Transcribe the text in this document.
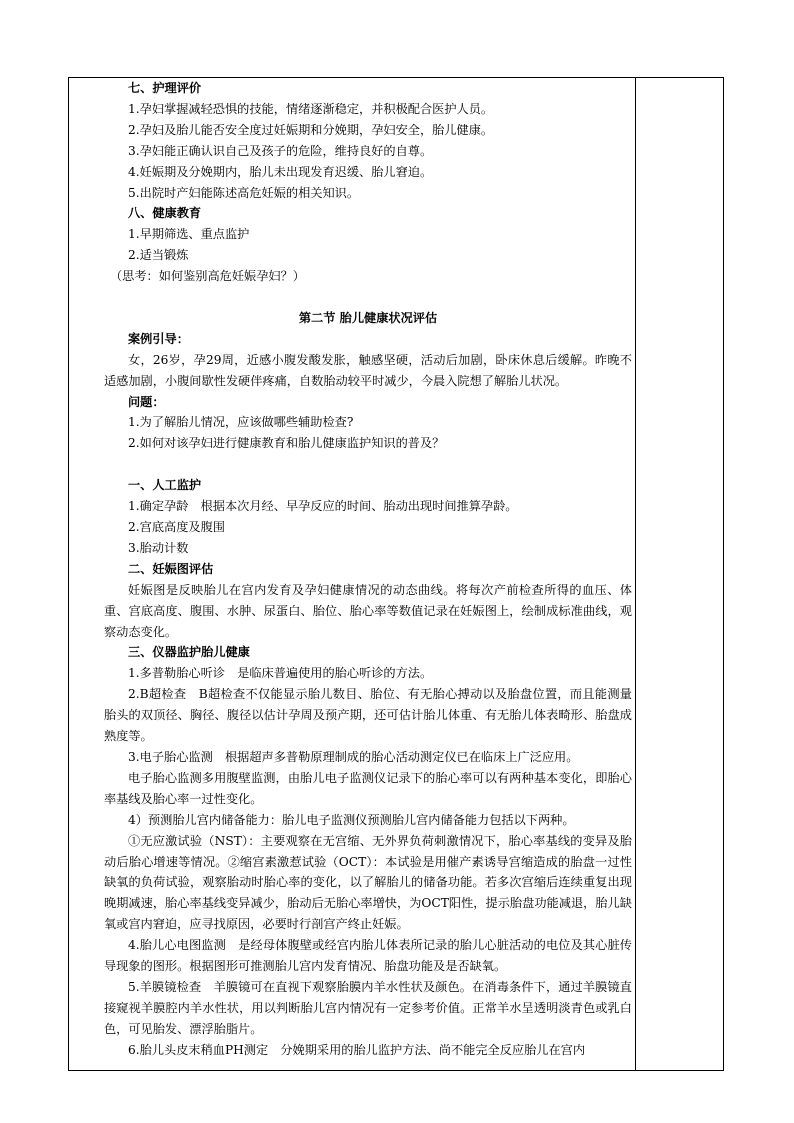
七、护理评价

1.孕妇掌握减轻恐惧的技能，情绪逐渐稳定，并积极配合医护人员。

2.孕妇及胎儿能否安全度过妊娠期和分娩期，孕妇安全，胎儿健康。

3.孕妇能正确认识自己及孩子的危险，维持良好的自尊。

4.妊娠期及分娩期内，胎儿未出现发育迟缓、胎儿窘迫。

5.出院时产妇能陈述高危妊娠的相关知识。

八、健康教育

1.早期筛选、重点监护

2.适当锻炼

（思考：如何鉴别高危妊娠孕妇？）

第二节 胎儿健康状况评估

案例引导：

女，26岁，孕29周，近感小腹发酸发胀，触感坚硬，活动后加剧，卧床休息后缓解。昨晚不适感加剧，小腹间歇性发硬伴疼痛，自数胎动较平时减少，今晨入院想了解胎儿状况。

问题：

1.为了解胎儿情况，应该做哪些辅助检查?

2.如何对该孕妇进行健康教育和胎儿健康监护知识的普及？

一、人工监护

1.确定孕龄　根据本次月经、早孕反应的时间、胎动出现时间推算孕龄。

2.宫底高度及腹围

3.胎动计数

二、妊娠图评估

妊娠图是反映胎儿在宫内发育及孕妇健康情况的动态曲线。将每次产前检查所得的血压、体重、宫底高度、腹围、水肿、尿蛋白、胎位、胎心率等数值记录在妊娠图上，绘制成标准曲线，观察动态变化。

三、仪器监护胎儿健康

1.多普勒胎心听诊　是临床普遍使用的胎心听诊的方法。

2.B超检查　B超检查不仅能显示胎儿数目、胎位、有无胎心搏动以及胎盘位置，而且能测量胎头的双顶径、胸径、腹径以估计孕周及预产期，还可估计胎儿体重、有无胎儿体表畸形、胎盘成熟度等。

3.电子胎心监测　根据超声多普勒原理制成的胎心活动测定仪已在临床上广泛应用。

电子胎心监测多用腹壁监测，由胎儿电子监测仪记录下的胎心率可以有两种基本变化，即胎心率基线及胎心率一过性变化。

4）预测胎儿宫内储备能力：胎儿电子监测仪预测胎儿宫内储备能力包括以下两种。

①无应激试验（NST）：主要观察在无宫缩、无外界负荷刺激情况下，胎心率基线的变异及胎动后胎心增速等情况。②缩宫素激惹试验（OCT）：本试验是用催产素诱导宫缩造成的胎盘一过性缺氧的负荷试验，观察胎动时胎心率的变化，以了解胎儿的储备功能。若多次宫缩后连续重复出现晚期减速，胎心率基线变异减少，胎动后无胎心率增快，为OCT阳性，提示胎盘功能减退，胎儿缺氧或宫内窘迫，应寻找原因，必要时行剖宫产终止妊娠。

4.胎儿心电图监测　是经母体腹壁或经宫内胎儿体表所记录的胎儿心脏活动的电位及其心脏传导现象的图形。根据图形可推测胎儿宫内发育情况、胎盘功能及是否缺氧。

5.羊膜镜检查　羊膜镜可在直视下观察胎膜内羊水性状及颜色。在消毒条件下，通过羊膜镜直接窥视羊膜腔内羊水性状，用以判断胎儿宫内情况有一定参考价值。正常羊水呈透明淡青色或乳白色，可见胎发、漂浮胎脂片。

6.胎儿头皮末稍血PH测定　分娩期采用的胎儿监护方法、尚不能完全反应胎儿在宫内
